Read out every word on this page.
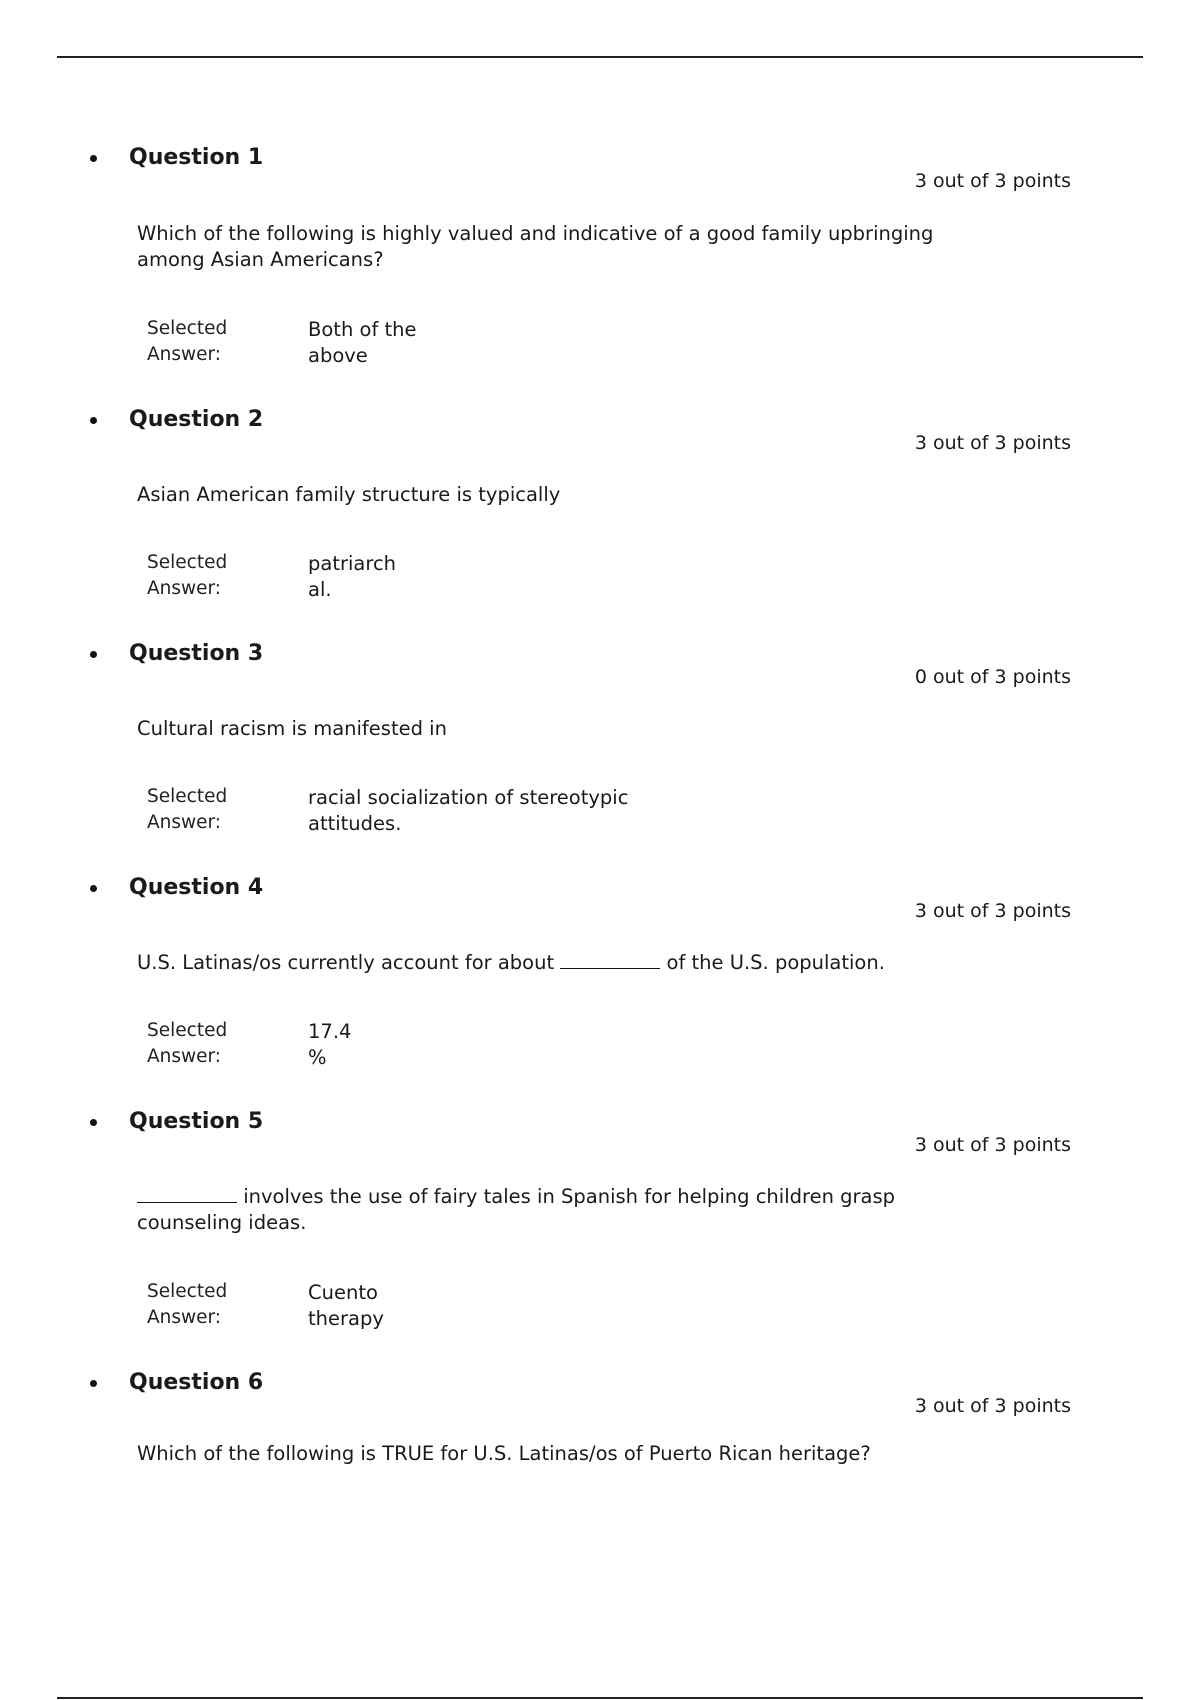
Question 1
3 out of 3 points
Which of the following is highly valued and indicative of a good family upbringing
among Asian Americans?
Selected
Answer:
Both of the
above
Question 2
3 out of 3 points
Asian American family structure is typically
Selected
Answer:
patriarch
al.
Question 3
0 out of 3 points
Cultural racism is manifested in
Selected
Answer:
racial socialization of stereotypic
attitudes.
Question 4
3 out of 3 points
U.S. Latinas/os currently account for about	of the U.S. population.
Selected
Answer:
17.4
%
Question 5
3 out of 3 points
involves the use of fairy tales in Spanish for helping children grasp
counseling ideas.
Selected
Answer:
Cuento
therapy
Question 6
3 out of 3 points
Which of the following is TRUE for U.S. Latinas/os of Puerto Rican heritage?
